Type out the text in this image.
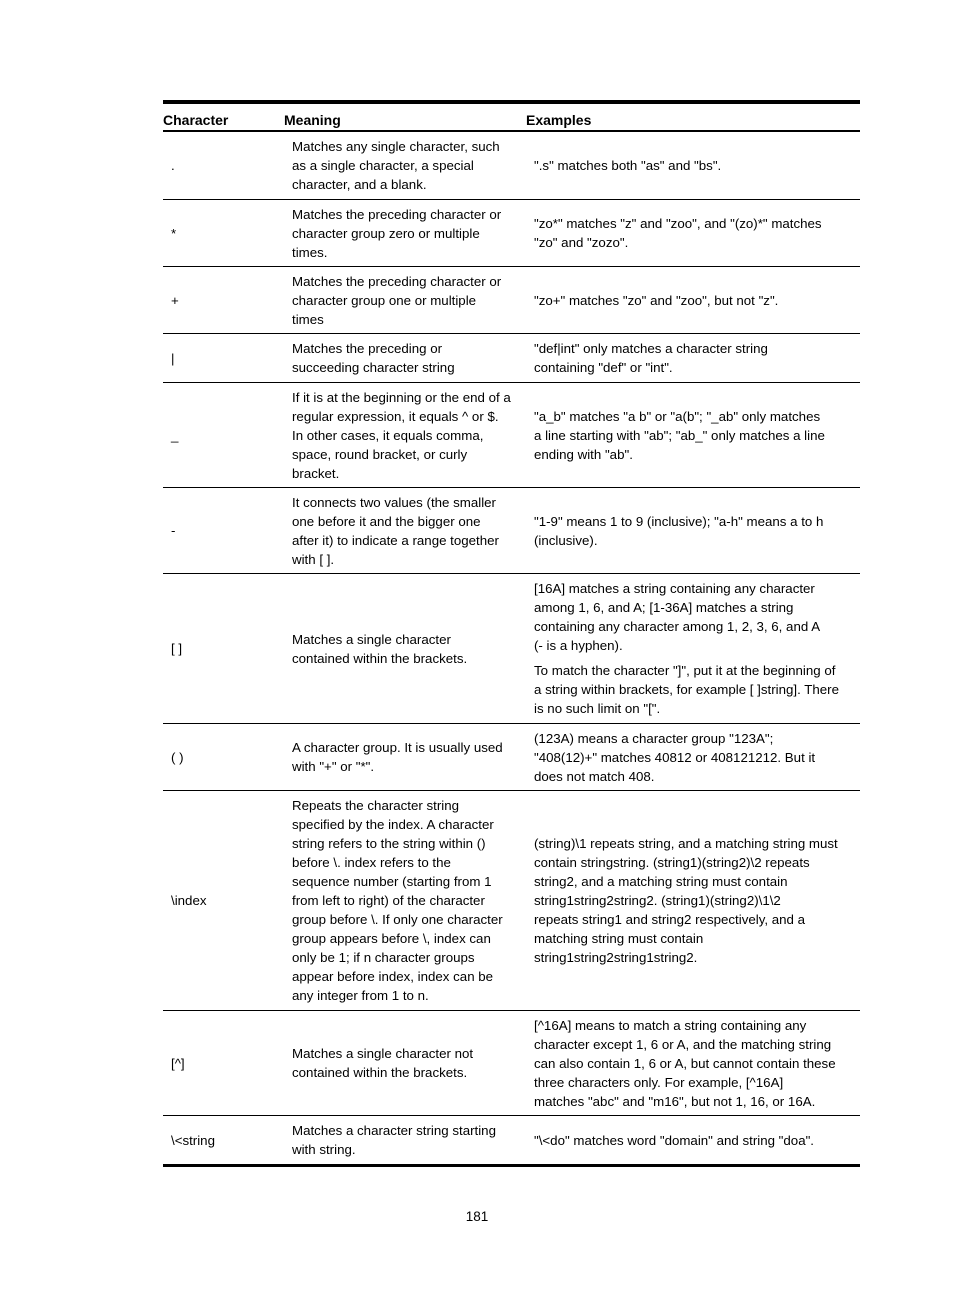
Character	Meaning	Examples
.
Matches any single character, such
as a single character, a special
character, and a blank.
".s" matches both "as" and "bs".
*
Matches the preceding character or
character group zero or multiple
times.
"zo*" matches "z" and "zoo", and "(zo)*" matches
"zo" and "zozo".
+
Matches the preceding character or
character group one or multiple
times
"zo+" matches "zo" and "zoo", but not "z".
|
Matches the preceding or
succeeding character string
"def|int" only matches a character string
containing "def" or "int".
_
If it is at the beginning or the end of a
regular expression, it equals ^ or $.
In other cases, it equals comma,
space, round bracket, or curly
bracket.
"a_b" matches "a b" or "a(b"; "_ab" only matches
a line starting with "ab"; "ab_" only matches a line
ending with "ab".
-
It connects two values (the smaller
one before it and the bigger one
after it) to indicate a range together
with [ ].
"1-9" means 1 to 9 (inclusive); "a-h" means a to h
(inclusive).
[ ]
Matches a single character
contained within the brackets.

[16A] matches a string containing any character
among 1, 6, and A; [1-36A] matches a string
containing any character among 1, 2, 3, 6, and A
(- is a hyphen).

To match the character "]", put it at the beginning of
a string within brackets, for example [ ]string]. There
is no such limit on "[".

( )
A character group. It is usually used
with "+" or "*".
(123A) means a character group "123A";
"408(12)+" matches 40812 or 408121212. But it
does not match 408.
\index
Repeats the character string
specified by the index. A character
string refers to the string within ()
before \. index refers to the
sequence number (starting from 1
from left to right) of the character
group before \. If only one character
group appears before \, index can
only be 1; if n character groups
appear before index, index can be
any integer from 1 to n.
(string)\1 repeats string, and a matching string must
contain stringstring. (string1)(string2)\2 repeats
string2, and a matching string must contain
string1string2string2. (string1)(string2)\1\2
repeats string1 and string2 respectively, and a
matching string must contain
string1string2string1string2.
[^]
Matches a single character not
contained within the brackets.
[^16A] means to match a string containing any
character except 1, 6 or A, and the matching string
can also contain 1, 6 or A, but cannot contain these
three characters only. For example, [^16A]
matches "abc" and "m16", but not 1, 16, or 16A.
\<string
Matches a character string starting
with string.
"\<do" matches word "domain" and string "doa".
181
